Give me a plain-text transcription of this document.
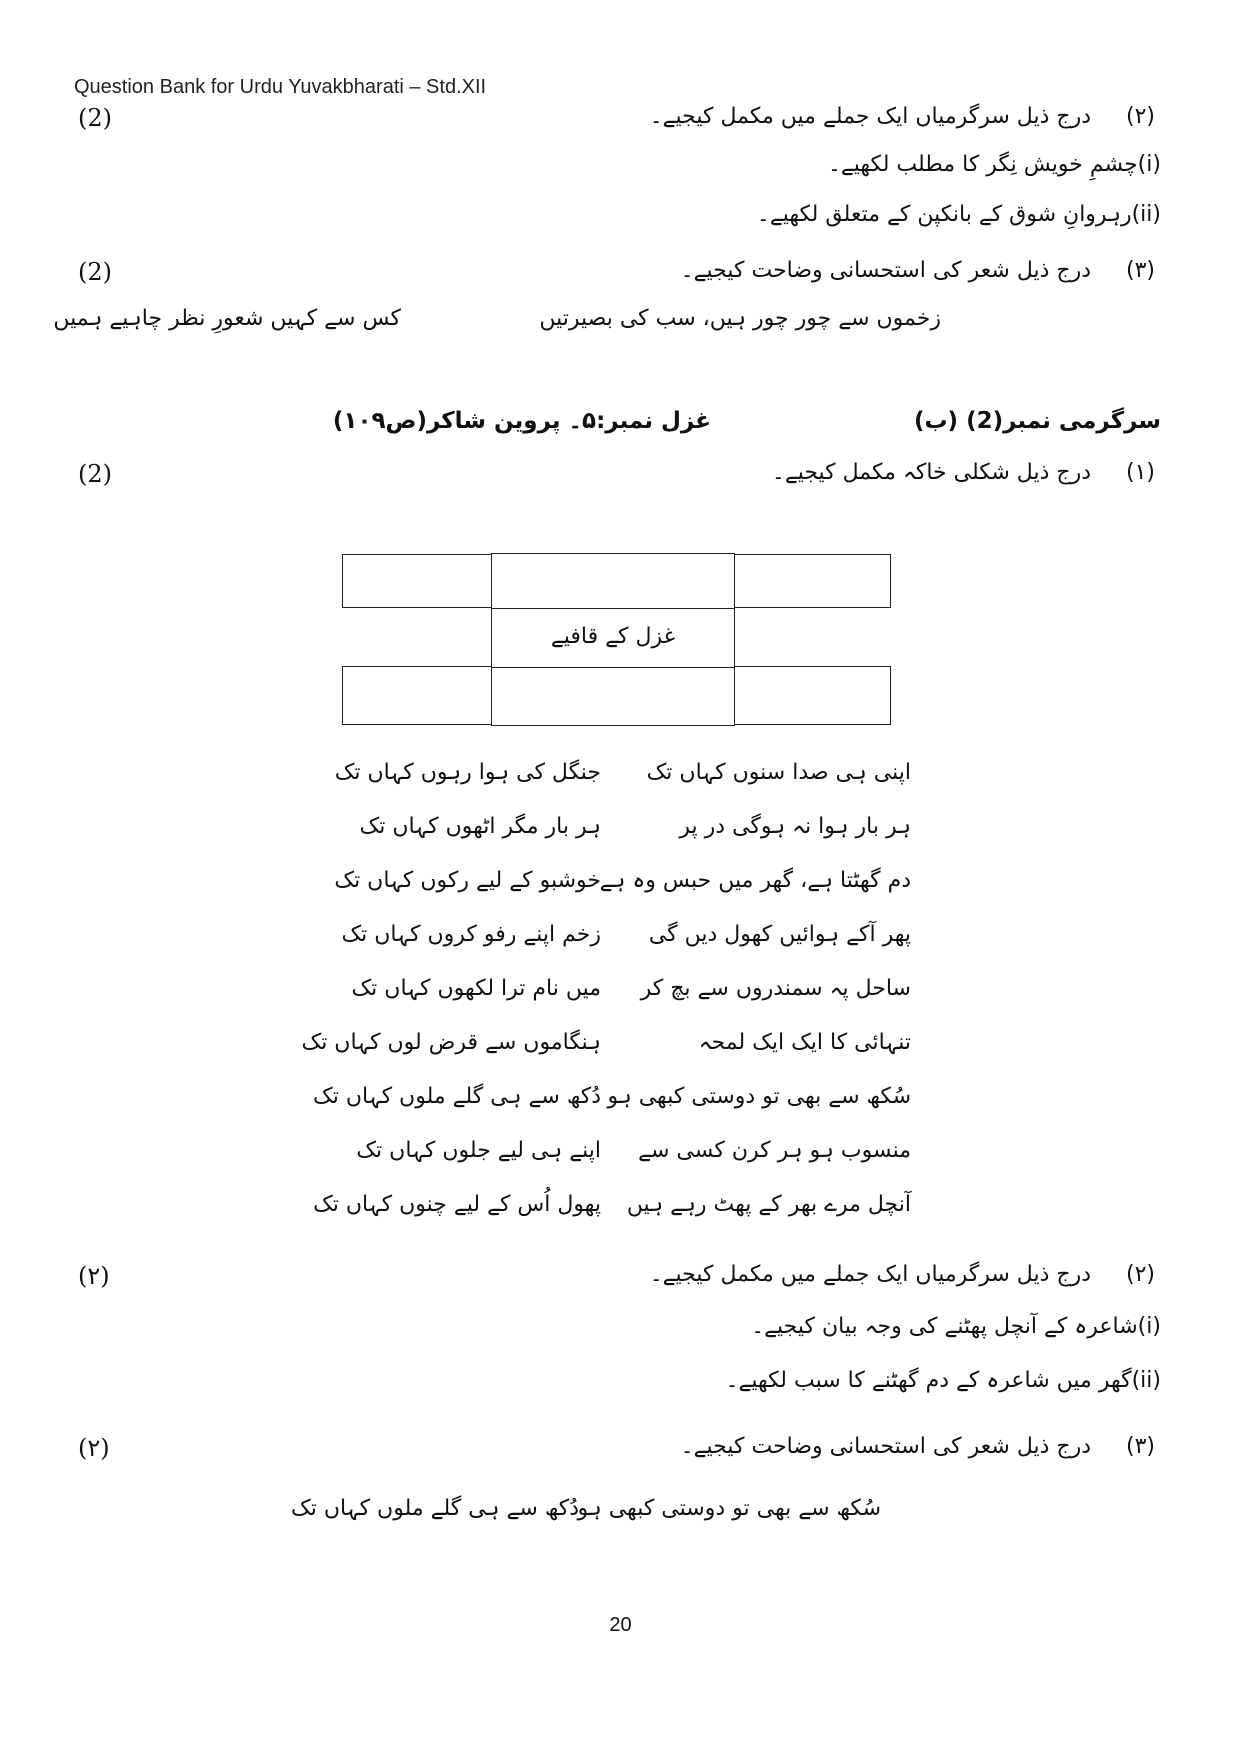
Question Bank for Urdu Yuvakbharati – Std.XII
(2)	(۲)     درج ذیل سرگرمیاں ایک جملے میں مکمل کیجیے۔
(i)چشمِ خویش نِگر کا مطلب لکھیے۔
(ii)رہروانِ شوق کے بانکپن کے متعلق لکھیے۔
(2)	(۳)     درج ذیل شعر کی استحسانی وضاحت کیجیے۔
زخموں سے چور چور ہیں، سب کی بصیرتیں
کس سے کہیں شعورِ نظر چاہیے ہمیں
سرگرمی نمبر(2) (ب)
غزل نمبر:۵۔ پروین شاکر(ص۱۰۹)
(2)	(۱)     درج ذیل شکلی خاکہ مکمل کیجیے۔
غزل کے قافیے
اپنی ہی صدا سنوں کہاں تک
جنگل کی ہوا رہوں کہاں تک
ہر بار ہوا نہ ہوگی در پر
ہر بار مگر اٹھوں کہاں تک
دم گھٹتا ہے، گھر میں حبس وہ ہے
خوشبو کے لیے رکوں کہاں تک
پھر آکے ہوائیں کھول دیں گی
زخم اپنے رفو کروں کہاں تک
ساحل پہ سمندروں سے بچ کر
میں نام ترا لکھوں کہاں تک
تنہائی کا ایک ایک لمحہ
ہنگاموں سے قرض لوں کہاں تک
سُکھ سے بھی تو دوستی کبھی ہو
دُکھ سے ہی گلے ملوں کہاں تک
منسوب ہو ہر کرن کسی سے
اپنے ہی لیے جلوں کہاں تک
آنچل مرے بھر کے پھٹ رہے ہیں
پھول اُس کے لیے چنوں کہاں تک
(۲)	(۲)     درج ذیل سرگرمیاں ایک جملے میں مکمل کیجیے۔
(i)شاعرہ کے آنچل پھٹنے کی وجہ بیان کیجیے۔
(ii)گھر میں شاعرہ کے دم گھٹنے کا سبب لکھیے۔
(۲)	(۳)     درج ذیل شعر کی استحسانی وضاحت کیجیے۔
سُکھ سے بھی تو دوستی کبھی ہو
دُکھ سے ہی گلے ملوں کہاں تک
20
